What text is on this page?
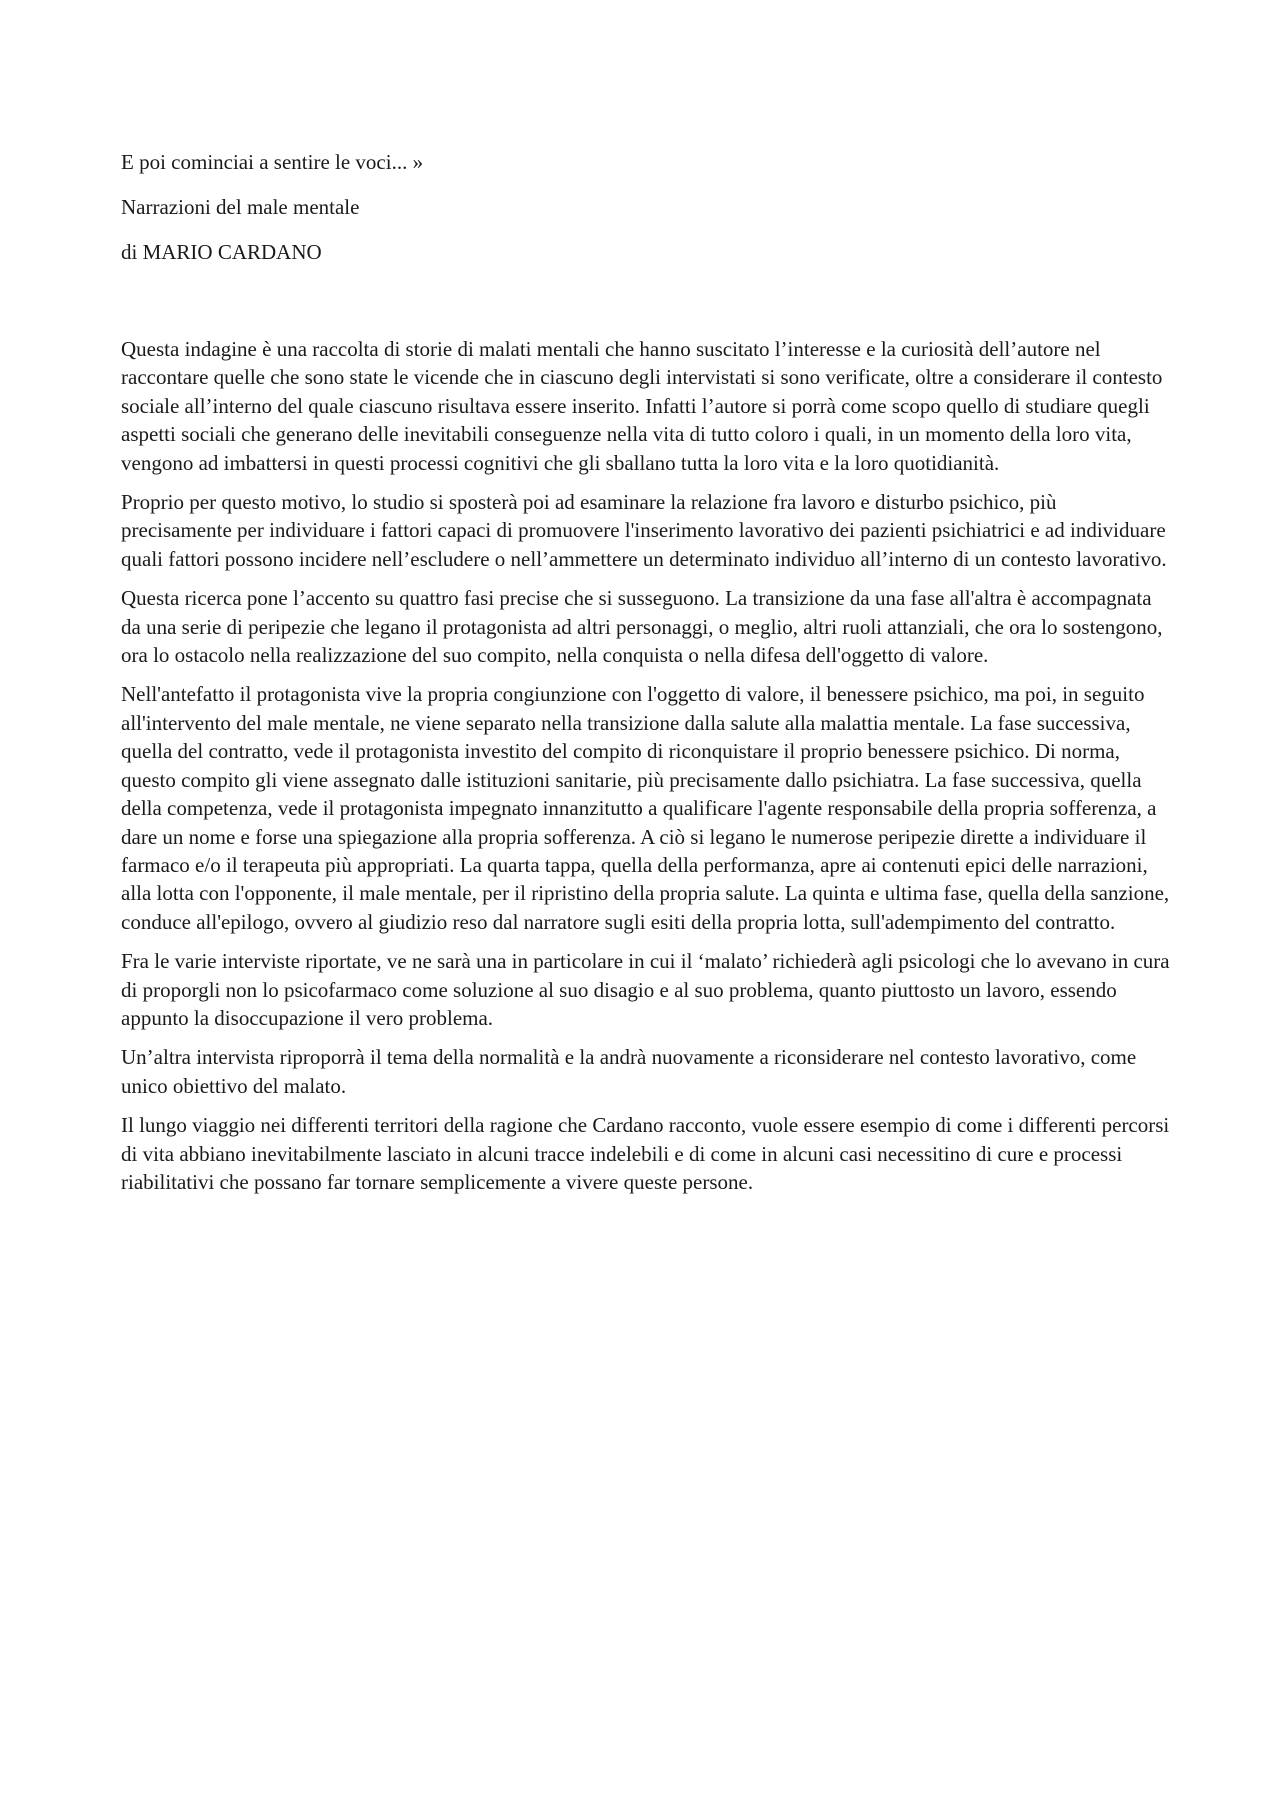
E poi cominciai a sentire le voci... »
Narrazioni del male mentale
di MARIO CARDANO

Questa indagine è una raccolta di storie di malati mentali che hanno suscitato l’interesse e la curiosità dell’autore nel raccontare quelle che sono state le vicende che in ciascuno degli intervistati si sono verificate, oltre a considerare il contesto sociale all’interno del quale ciascuno risultava essere inserito. Infatti l’autore si porrà come scopo quello di studiare quegli aspetti sociali che generano delle inevitabili conseguenze nella vita di tutto coloro i quali, in un momento della loro vita, vengono ad imbattersi in questi processi cognitivi che gli sballano tutta la loro vita e la loro quotidianità.

Proprio per questo motivo, lo studio si sposterà poi ad esaminare la relazione fra lavoro e disturbo psichico, più precisamente per individuare i fattori capaci di promuovere l'inserimento lavorativo dei pazienti psichiatrici e ad individuare quali fattori possono incidere nell’escludere o nell’ammettere un determinato individuo all’interno di un contesto lavorativo.

Questa ricerca pone l’accento su quattro fasi precise che si susseguono. La transizione da una fase all'altra è accompagnata da una serie di peripezie che legano il protagonista ad altri personaggi, o meglio, altri ruoli attanziali, che ora lo sostengono, ora lo ostacolo nella realizzazione del suo compito, nella conquista o nella difesa dell'oggetto di valore.

Nell'antefatto il protagonista vive la propria congiunzione con l'oggetto di valore, il benessere psichico, ma poi, in seguito all'intervento del male mentale, ne viene separato nella transizione dalla salute alla malattia mentale. La fase successiva, quella del contratto, vede il protagonista investito del compito di riconquistare il proprio benessere psichico. Di norma, questo compito gli viene assegnato dalle istituzioni sanitarie, più precisamente dallo psichiatra. La fase successiva, quella della competenza, vede il protagonista impegnato innanzitutto a qualificare l'agente responsabile della propria sofferenza, a dare un nome e forse una spiegazione alla propria sofferenza. A ciò si legano le numerose peripezie dirette a individuare il farmaco e/o il terapeuta più appropriati. La quarta tappa, quella della performanza, apre ai contenuti epici delle narrazioni, alla lotta con l'opponente, il male mentale, per il ripristino della propria salute. La quinta e ultima fase, quella della sanzione, conduce all'epilogo, ovvero al giudizio reso dal narratore sugli esiti della propria lotta, sull'adempimento del contratto.

Fra le varie interviste riportate, ve ne sarà una in particolare in cui il ‘malato’ richiederà agli psicologi che lo avevano in cura di proporgli non lo psicofarmaco come soluzione al suo disagio e al suo problema, quanto piuttosto un lavoro, essendo appunto la disoccupazione il vero problema.

Un’altra intervista riproporrà il tema della normalità e la andrà nuovamente a riconsiderare nel contesto lavorativo, come unico obiettivo del malato.

Il lungo viaggio nei differenti territori della ragione che Cardano racconto, vuole essere esempio di come i differenti percorsi di vita abbiano inevitabilmente lasciato in alcuni tracce indelebili e di come in alcuni casi necessitino di cure e processi riabilitativi che possano far tornare semplicemente a vivere queste persone.
